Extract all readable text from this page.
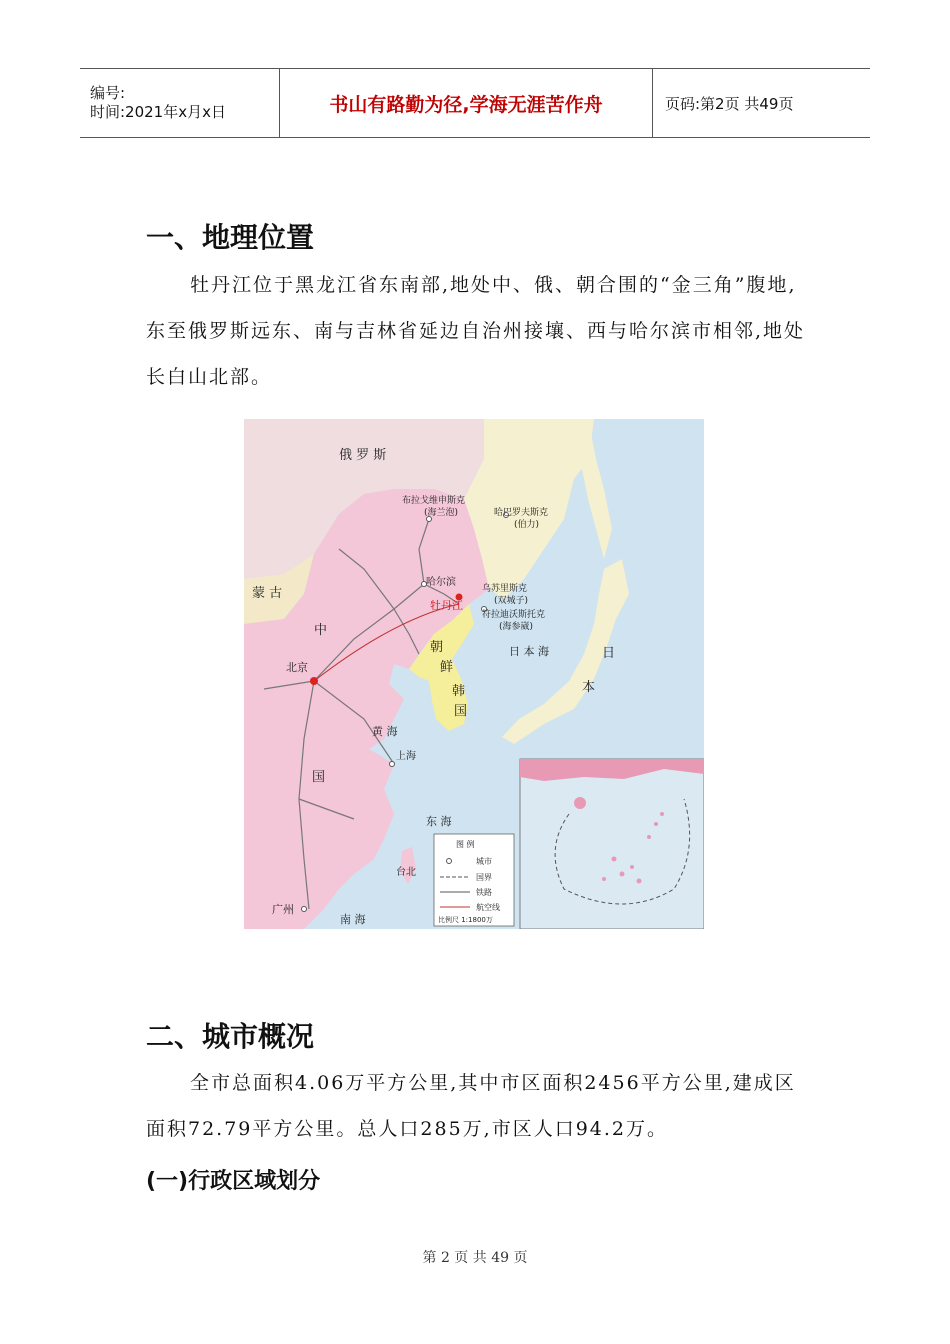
编号:
时间:2021年x月x日	书山有路勤为径,学海无涯苦作舟	页码:第2页 共49页
一、地理位置

牡丹江位于黑龙江省东南部,地处中、俄、朝合围的“金三角”腹地,东至俄罗斯远东、南与吉林省延边自治州接壤、西与哈尔滨市相邻,地处长白山北部。

俄 罗 斯
蒙 古
中
国
北京
哈尔滨
牡丹江
布拉戈维申斯克
(海兰泡)	哈巴罗夫斯克
(伯力)
乌苏里斯克
(双城子)
符拉迪沃斯托克
(海参崴)
朝
鲜
韩
国
日 本 海	日
本
黄 海
上海
东 海
台北
广州
南 海
图 例
城市
国界
铁路
航空线
比例尺 1:1800万
二、城市概况

全市总面积4.06万平方公里,其中市区面积2456平方公里,建成区面积72.79平方公里。总人口285万,市区人口94.2万。

(一)行政区域划分
第 2 页 共 49 页
